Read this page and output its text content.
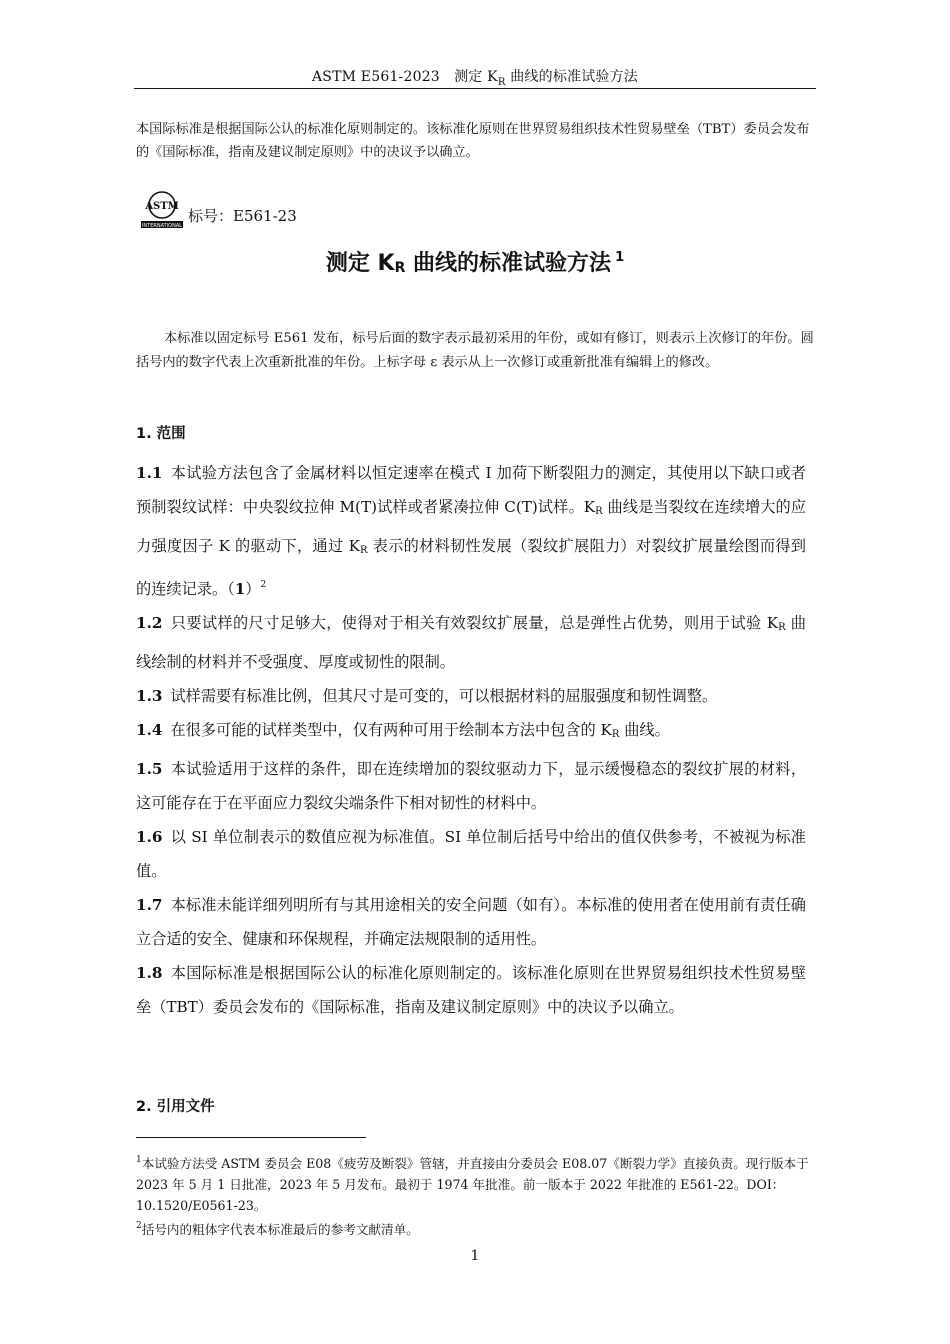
ASTM E561-2023　测定 $K_R$ 曲线的标准试验方法

本国际标准是根据国际公认的标准化原则制定的。该标准化原则在世界贸易组织技术性贸易壁垒（TBT）委员会发布的《国际标准，指南及建议制定原则》中的决议予以确立。

ASTM
INTERNATIONAL
标号：E561-23
测定 $K_R$ 曲线的标准试验方法 $^1$

本标准以固定标号 E561 发布，标号后面的数字表示最初采用的年份，或如有修订，则表示上次修订的年份。圆括号内的数字代表上次重新批准的年份。上标字母 ε 表示从上一次修订或重新批准有编辑上的修改。

1. 范围

1.1 本试验方法包含了金属材料以恒定速率在模式 I 加荷下断裂阻力的测定，其使用以下缺口或者预制裂纹试样：中央裂纹拉伸 M(T)试样或者紧凑拉伸 C(T)试样。$K_R$ 曲线是当裂纹在连续增大的应力强度因子 K 的驱动下，通过 $K_R$ 表示的材料韧性发展（裂纹扩展阻力）对裂纹扩展量绘图而得到的连续记录。$(1)^2$

1.2 只要试样的尺寸足够大，使得对于相关有效裂纹扩展量，总是弹性占优势，则用于试验 $K_R$ 曲线绘制的材料并不受强度、厚度或韧性的限制。

1.3 试样需要有标准比例，但其尺寸是可变的，可以根据材料的屈服强度和韧性调整。

1.4 在很多可能的试样类型中，仅有两种可用于绘制本方法中包含的 $K_R$ 曲线。

1.5 本试验适用于这样的条件，即在连续增加的裂纹驱动力下，显示缓慢稳态的裂纹扩展的材料，这可能存在于在平面应力裂纹尖端条件下相对韧性的材料中。

1.6 以 SI 单位制表示的数值应视为标准值。SI 单位制后括号中给出的值仅供参考，不被视为标准值。

1.7 本标准未能详细列明所有与其用途相关的安全问题（如有）。本标准的使用者在使用前有责任确立合适的安全、健康和环保规程，并确定法规限制的适用性。

1.8 本国际标准是根据国际公认的标准化原则制定的。该标准化原则在世界贸易组织技术性贸易壁垒（TBT）委员会发布的《国际标准，指南及建议制定原则》中的决议予以确立。

2. 引用文件

$^1$本试验方法受 ASTM 委员会 E08《疲劳及断裂》管辖，并直接由分委员会 E08.07《断裂力学》直接负责。现行版本于 2023 年 5 月 1 日批准，2023 年 5 月发布。最初于 1974 年批准。前一版本于 2022 年批准的 E561-22。DOI：10.1520/E0561-23。

$^2$括号内的粗体字代表本标准最后的参考文献清单。

1
